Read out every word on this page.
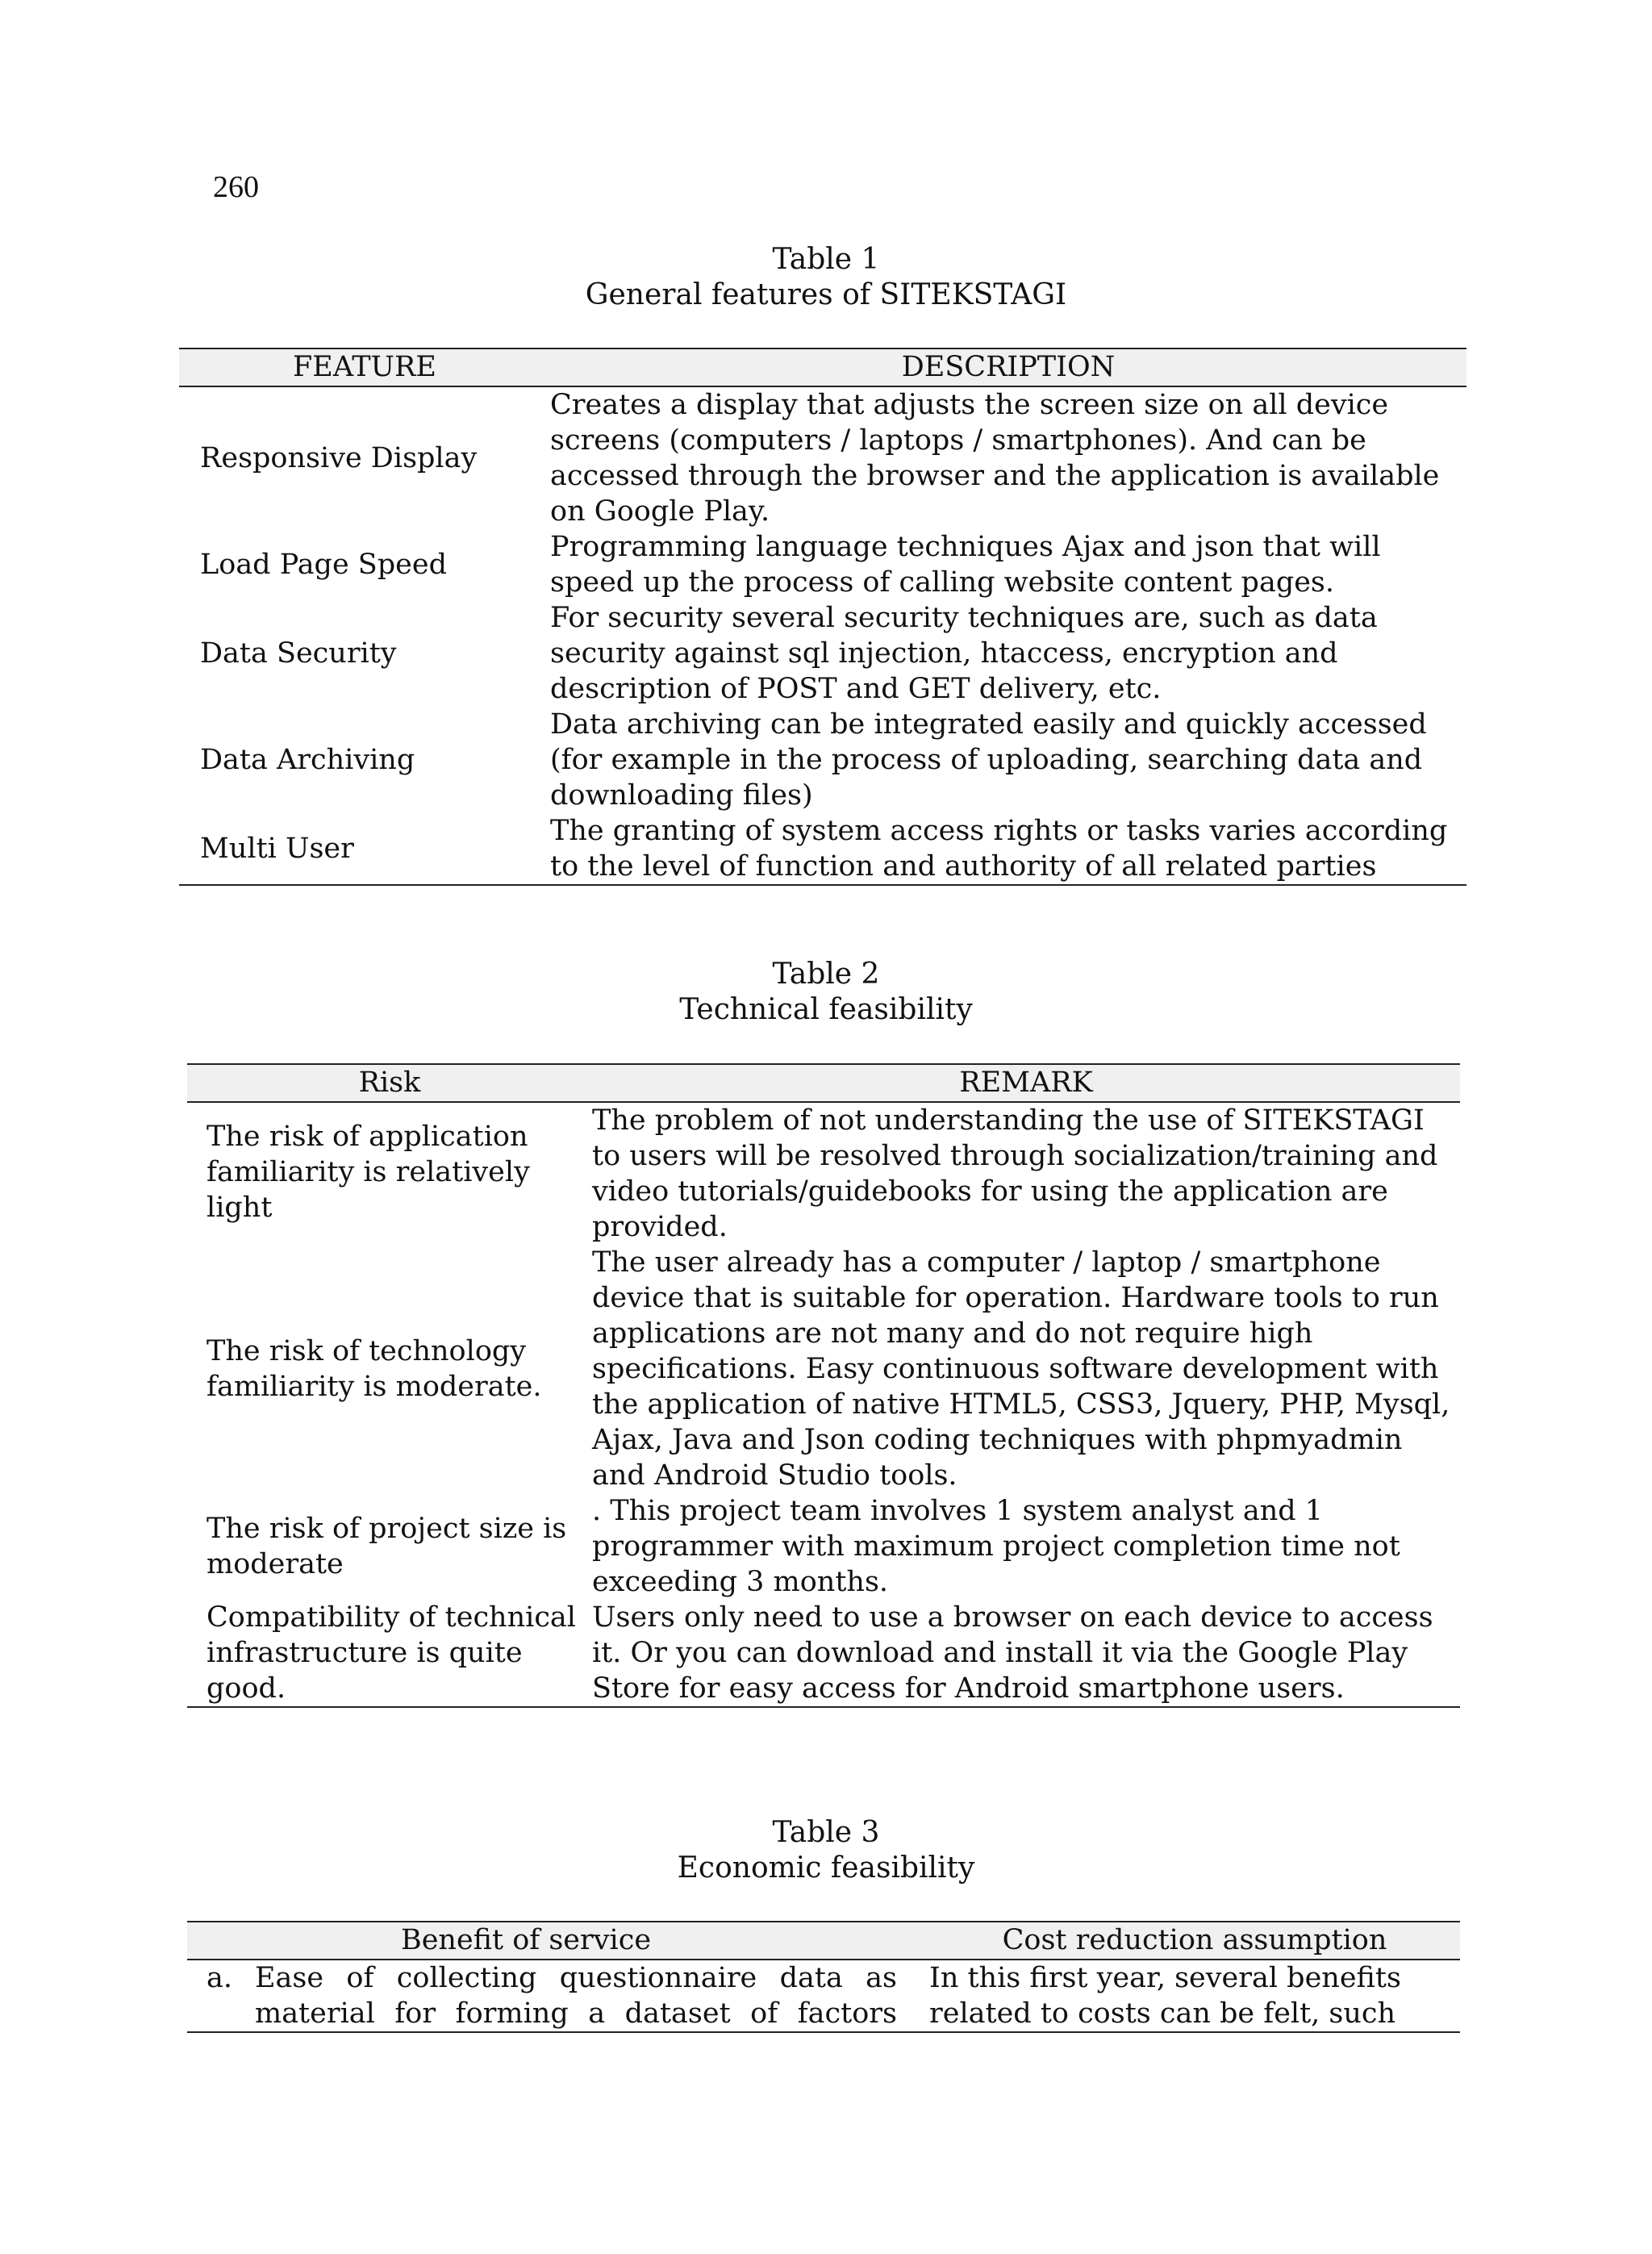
260
Table 1
General features of SITEKSTAGI
FEATURE	DESCRIPTION
Responsive Display	Creates a display that adjusts the screen size on all device screens (computers / laptops / smartphones). And can be accessed through the browser and the application is available on Google Play.
Load Page Speed	Programming language techniques Ajax and json that will speed up the process of calling website content pages.
Data Security	For security several security techniques are, such as data security against sql injection, htaccess, encryption and description of POST and GET delivery, etc.
Data Archiving	Data archiving can be integrated easily and quickly accessed (for example in the process of uploading, searching data and downloading files)
Multi User	The granting of system access rights or tasks varies according to the level of function and authority of all related parties
Table 2
Technical feasibility
Risk	REMARK
The risk of application familiarity is relatively light	The problem of not understanding the use of SITEKSTAGI to users will be resolved through socialization/training and video tutorials/guidebooks for using the application are provided.
The risk of technology familiarity is moderate.	The user already has a computer / laptop / smartphone device that is suitable for operation. Hardware tools to run applications are not many and do not require high specifications. Easy continuous software development with the application of native HTML5, CSS3, Jquery, PHP, Mysql, Ajax, Java and Json coding techniques with phpmyadmin and Android Studio tools.
The risk of project size is moderate	. This project team involves 1 system analyst and 1 programmer with maximum project completion time not exceeding 3 months.
Compatibility of technical infrastructure is quite good.	Users only need to use a browser on each device to access it. Or you can download and install it via the Google Play Store for easy access for Android smartphone users.
Table 3
Economic feasibility
Benefit of service	Cost reduction assumption

a. Ease of collecting questionnaire data as material for forming a dataset of factors	In this first year, several benefits related to costs can be felt, such
